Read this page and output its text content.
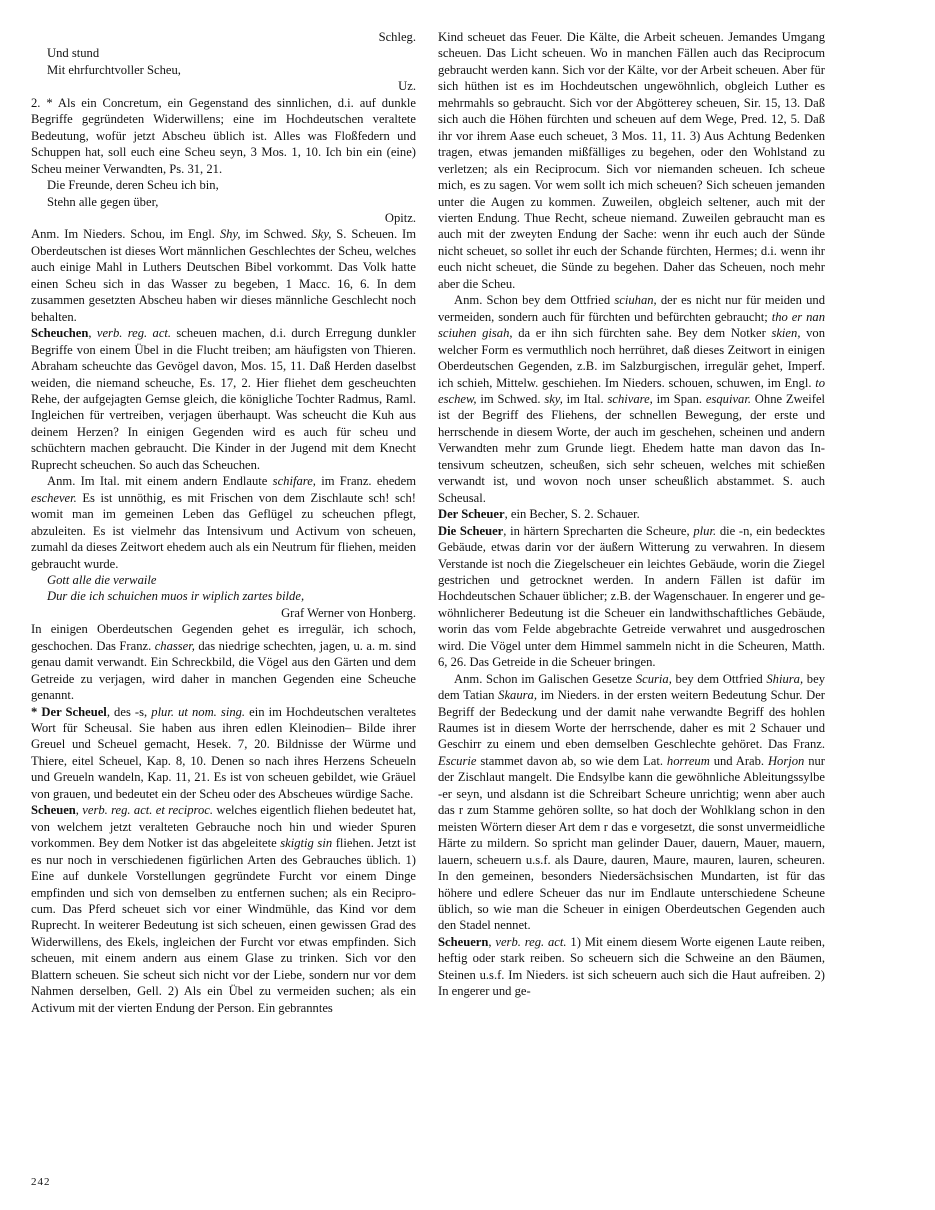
Schleg.
Und stund
Mit ehrfurchtvoller Scheu,
Uz.

2. * Als ein Concretum, ein Gegenstand des sinnlichen, d.i. auf dunkle Begriffe gegründeten Widerwillens; eine im Hochdeutschen veraltete Bedeutung, wofür jetzt Abscheu üblich ist. Alles was Floßfedern und Schuppen hat, soll euch eine Scheu seyn, 3 Mos. 1, 10. Ich bin ein (eine) Scheu meiner Verwandten, Ps. 31, 21.

Die Freunde, deren Scheu ich bin,
Stehn alle gegen über,
Opitz.

Anm. Im Nieders. Schou, im Engl. Shy, im Schwed. Sky, S. Scheuen. Im Oberdeutschen ist dieses Wort männlichen Geschlechtes der Scheu, welches auch einige Mahl in Luthers Deutschen Bibel vorkommt. Das Volk hatte einen Scheu sich in das Wasser zu begeben, 1 Macc. 16, 6. In dem zusammen gesetzten Abscheu haben wir dieses männliche Geschlecht noch behalten.

Scheuchen, verb. reg. act. scheuen machen, d.i. durch Erregung dunkler Begriffe von einem Übel in die Flucht treiben; am häufigsten von Thieren. Abraham scheuchte das Gevögel davon, Mos. 15, 11. Daß Herden daselbst weiden, die niemand scheuche, Es. 17, 2. Hier fliehet dem gescheuchten Rehe, der aufgejagten Gemse gleich, die königliche Tochter Radmus, Raml. Ingleichen für vertreiben, verjagen überhaupt. Was scheucht die Kuh aus deinem Herzen? In einigen Gegenden wird es auch für scheu und schüchtern machen gebraucht. Die Kinder in der Jugend mit dem Knecht Ruprecht scheuchen. So auch das Scheuchen.

Anm. Im Ital. mit einem andern Endlaute schifare, im Franz. ehedem eschever. Es ist unnöthig, es mit Frischen von dem Zischlaute sch! sch! womit man im gemeinen Leben das Geflügel zu scheuchen pflegt, abzuleiten. Es ist vielmehr das Intensivum und Activum von scheuen, zumahl da dieses Zeitwort ehedem auch als ein Neutrum für fliehen, meiden gebraucht wurde.

Gott alle die verwaile
Dur die ich schuichen muos ir wiplich zartes bilde,
Graf Werner von Honberg.

In einigen Oberdeutschen Gegenden gehet es irregulär, ich schoch, geschochen. Das Franz. chasser, das niedrige schechten, jagen, u. a. m. sind genau damit verwandt. Ein Schreckbild, die Vögel aus den Gärten und dem Getreide zu verjagen, wird daher in manchen Gegenden eine Scheuche genannt.

* Der Scheuel, des -s, plur. ut nom. sing. ein im Hochdeutschen veraltetes Wort für Scheusal. Sie haben aus ihren edlen Kleinodien– Bilde ihrer Greuel und Scheuel gemacht, Hesek. 7, 20. Bildnisse der Würme und Thiere, eitel Scheuel, Kap. 8, 10. Denen so nach ihres Herzens Scheueln und Greueln wandeln, Kap. 11, 21. Es ist von scheuen gebildet, wie Gräuel von grauen, und bedeutet ein der Scheu oder des Abscheues würdige Sache.

Scheuen, verb. reg. act. et reciproc. welches eigentlich fliehen bedeutet hat, von welchem jetzt veralteten Gebrauche noch hin und wieder Spuren vorkommen. Bey dem Notker ist das abgeleitete skigtig sin fliehen. Jetzt ist es nur noch in verschiedenen figürlichen Arten des Gebrauches üblich. 1) Eine auf dunkele Vorstellungen gegründete Furcht vor einem Dinge empfinden und sich von demselben zu entfernen suchen; als ein Reciprocum. Das Pferd scheuet sich vor einer Windmühle, das Kind vor dem Ruprecht. In weiterer Bedeutung ist sich scheuen, einen gewissen Grad des Widerwillens, des Ekels, ingleichen der Furcht vor etwas empfinden. Sich scheuen, mit einem andern aus einem Glase zu trinken. Sich vor den Blattern scheuen. Sie scheut sich nicht vor der Liebe, sondern nur vor dem Nahmen derselben, Gell. 2) Als ein Übel zu vermeiden suchen; als ein Activum mit der vierten Endung der Person. Ein gebranntes

Kind scheuet das Feuer. Die Kälte, die Arbeit scheuen. Jemandes Umgang scheuen. Das Licht scheuen. Wo in manchen Fällen auch das Reciprocum gebraucht werden kann. Sich vor der Kälte, vor der Arbeit scheuen. Aber für sich hüthen ist es im Hochdeutschen ungewöhnlich, obgleich Luther es mehrmahls so gebraucht. Sich vor der Abgötterey scheuen, Sir. 15, 13. Daß sich auch die Höhen fürchten und scheuen auf dem Wege, Pred. 12, 5. Daß ihr vor ihrem Aase euch scheuet, 3 Mos. 11, 11. 3) Aus Achtung Bedenken tragen, etwas jemanden mißfälliges zu begehen, oder den Wohlstand zu verletzen; als ein Reciprocum. Sich vor niemanden scheuen. Ich scheue mich, es zu sagen. Vor wem sollt ich mich scheuen? Sich scheuen jemanden unter die Augen zu kommen. Zuweilen, obgleich seltener, auch mit der vierten Endung. Thue Recht, scheue niemand. Zuweilen gebraucht man es auch mit der zweyten Endung der Sache: wenn ihr euch auch der Sünde nicht scheuet, so sollet ihr euch der Schande fürchten, Hermes; d.i. wenn ihr euch nicht scheuet, die Sünde zu begehen. Daher das Scheuen, noch mehr aber die Scheu.

Anm. Schon bey dem Ottfried sciuhan, der es nicht nur für meiden und vermeiden, sondern auch für fürchten und befürchten gebraucht; tho er nan sciuhen gisah, da er ihn sich fürchten sahe. Bey dem Notker skien, von welcher Form es vermuthlich noch herrühret, daß dieses Zeitwort in einigen Oberdeutschen Gegenden, z.B. im Salzburgischen, irregulär gehet, Imperf. ich schieh, Mittelw. geschiehen. Im Nieders. schouen, schuwen, im Engl. to eschew, im Schwed. sky, im Ital. schivare, im Span. esquivar. Ohne Zweifel ist der Begriff des Fliehens, der schnellen Bewegung, der erste und herrschende in diesem Worte, der auch im geschehen, scheinen und andern Verwandten mehr zum Grunde liegt. Ehedem hatte man davon das Intensivum scheutzen, scheußen, sich sehr scheuen, welches mit schießen verwandt ist, und wovon noch unser scheußlich abstammet. S. auch Scheusal.

Der Scheuer, ein Becher, S. 2. Schauer.

Die Scheuer, in härtern Sprecharten die Scheure, plur. die -n, ein bedecktes Gebäude, etwas darin vor der äußern Witterung zu verwahren. In diesem Verstande ist noch die Ziegelscheuer ein leichtes Gebäude, worin die Ziegel gestrichen und getrocknet werden. In andern Fällen ist dafür im Hochdeutschen Schauer üblicher; z.B. der Wagenschauer. In engerer und gewöhnlicherer Bedeutung ist die Scheuer ein landwithschaftliches Gebäude, worin das vom Felde abgebrachte Getreide verwahret und ausgedroschen wird. Die Vögel unter dem Himmel sammeln nicht in die Scheuren, Matth. 6, 26. Das Getreide in die Scheuer bringen.

Anm. Schon im Galischen Gesetze Scuria, bey dem Ottfried Shiura, bey dem Tatian Skaura, im Nieders. in der ersten weitern Bedeutung Schur. Der Begriff der Bedeckung und der damit nahe verwandte Begriff des hohlen Raumes ist in diesem Worte der herrschende, daher es mit 2 Schauer und Geschirr zu einem und eben demselben Geschlechte gehöret. Das Franz. Escurie stammet davon ab, so wie dem Lat. horreum und Arab. Horjon nur der Zischlaut mangelt. Die Endsylbe kann die gewöhnliche Ableitungssylbe -er seyn, und alsdann ist die Schreibart Scheure unrichtig; wenn aber auch das r zum Stamme gehören sollte, so hat doch der Wohlklang schon in den meisten Wörtern dieser Art dem r das e vorgesetzt, die sonst unvermeidliche Härte zu mildern. So spricht man gelinder Dauer, dauern, Mauer, mauern, lauern, scheuern u.s.f. als Daure, dauren, Maure, mauren, lauren, scheuren. In den gemeinen, besonders Niedersächsischen Mundarten, ist für das höhere und edlere Scheuer das nur im Endlaute unterschiedene Scheune üblich, so wie man die Scheuer in einigen Oberdeutschen Gegenden auch den Stadel nennet.

Scheuern, verb. reg. act. 1) Mit einem diesem Worte eigenen Laute reiben, heftig oder stark reiben. So scheuern sich die Schweine an den Bäumen, Steinen u.s.f. Im Nieders. ist sich scheuern auch sich die Haut aufreiben. 2) In engerer und ge-

242
